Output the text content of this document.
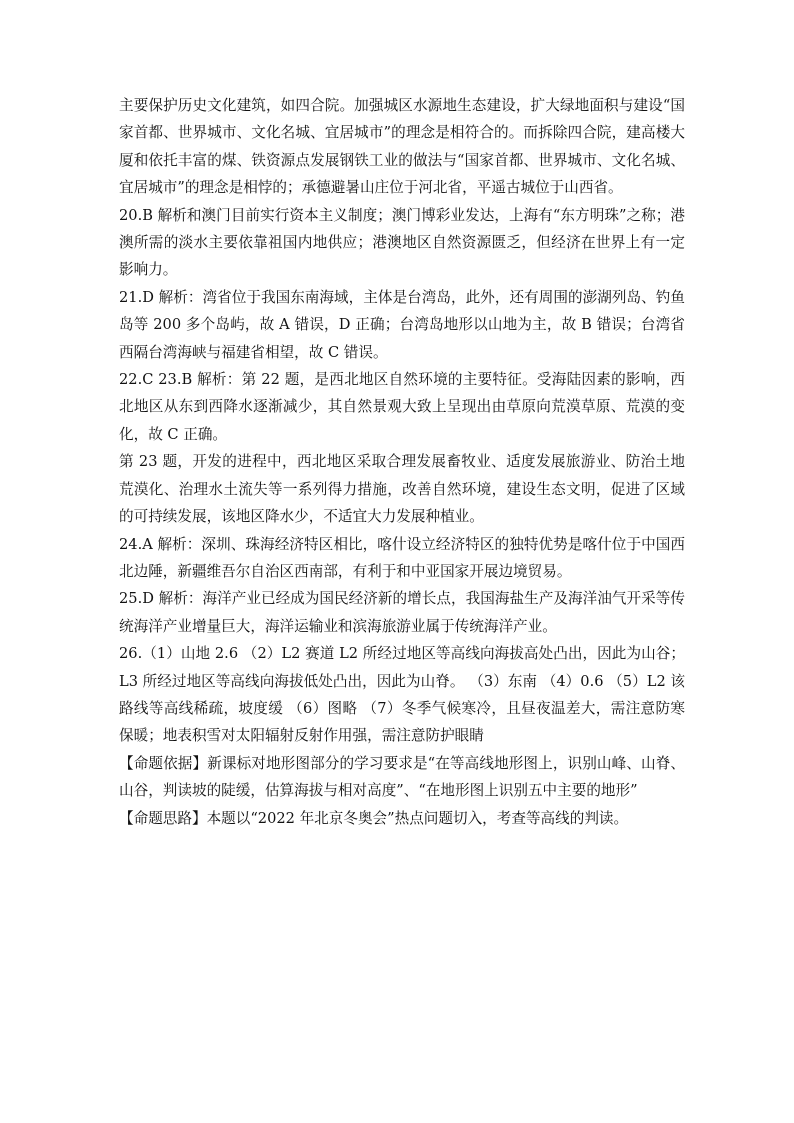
主要保护历史文化建筑，如四合院。加强城区水源地生态建设，扩大绿地面积与建设“国家首都、世界城市、文化名城、宜居城市”的理念是相符合的。而拆除四合院，建高楼大厦和依托丰富的煤、铁资源点发展钢铁工业的做法与“国家首都、世界城市、文化名城、宜居城市”的理念是相悖的；承德避暑山庄位于河北省，平遥古城位于山西省。

20.B 解析和澳门目前实行资本主义制度；澳门博彩业发达，上海有“东方明珠”之称；港澳所需的淡水主要依靠祖国内地供应；港澳地区自然资源匮乏，但经济在世界上有一定影响力。

21.D 解析：湾省位于我国东南海域，主体是台湾岛，此外，还有周围的澎湖列岛、钓鱼岛等 200 多个岛屿，故 A 错误，D 正确；台湾岛地形以山地为主，故 B 错误；台湾省西隔台湾海峡与福建省相望，故 C 错误。

22.C 23.B 解析：第 22 题，是西北地区自然环境的主要特征。受海陆因素的影响，西北地区从东到西降水逐渐减少，其自然景观大致上呈现出由草原向荒漠草原、荒漠的变化，故 C 正确。

第 23 题，开发的进程中，西北地区采取合理发展畜牧业、适度发展旅游业、防治土地荒漠化、治理水土流失等一系列得力措施，改善自然环境，建设生态文明，促进了区域的可持续发展，该地区降水少，不适宜大力发展种植业。

24.A 解析：深圳、珠海经济特区相比，喀什设立经济特区的独特优势是喀什位于中国西北边陲，新疆维吾尔自治区西南部，有利于和中亚国家开展边境贸易。

25.D 解析：海洋产业已经成为国民经济新的增长点，我国海盐生产及海洋油气开采等传统海洋产业增量巨大，海洋运输业和滨海旅游业属于传统海洋产业。

26.（1）山地 2.6 （2）L2 赛道 L2 所经过地区等高线向海拔高处凸出，因此为山谷；L3 所经过地区等高线向海拔低处凸出，因此为山脊。 （3）东南 （4）0.6 （5）L2 该路线等高线稀疏，坡度缓 （6）图略 （7）冬季气候寒冷，且昼夜温差大，需注意防寒保暖；地表积雪对太阳辐射反射作用强，需注意防护眼睛

【命题依据】新课标对地形图部分的学习要求是“在等高线地形图上，识别山峰、山脊、山谷，判读坡的陡缓，估算海拔与相对高度”、“在地形图上识别五中主要的地形”

【命题思路】本题以“2022 年北京冬奥会”热点问题切入，考查等高线的判读。
